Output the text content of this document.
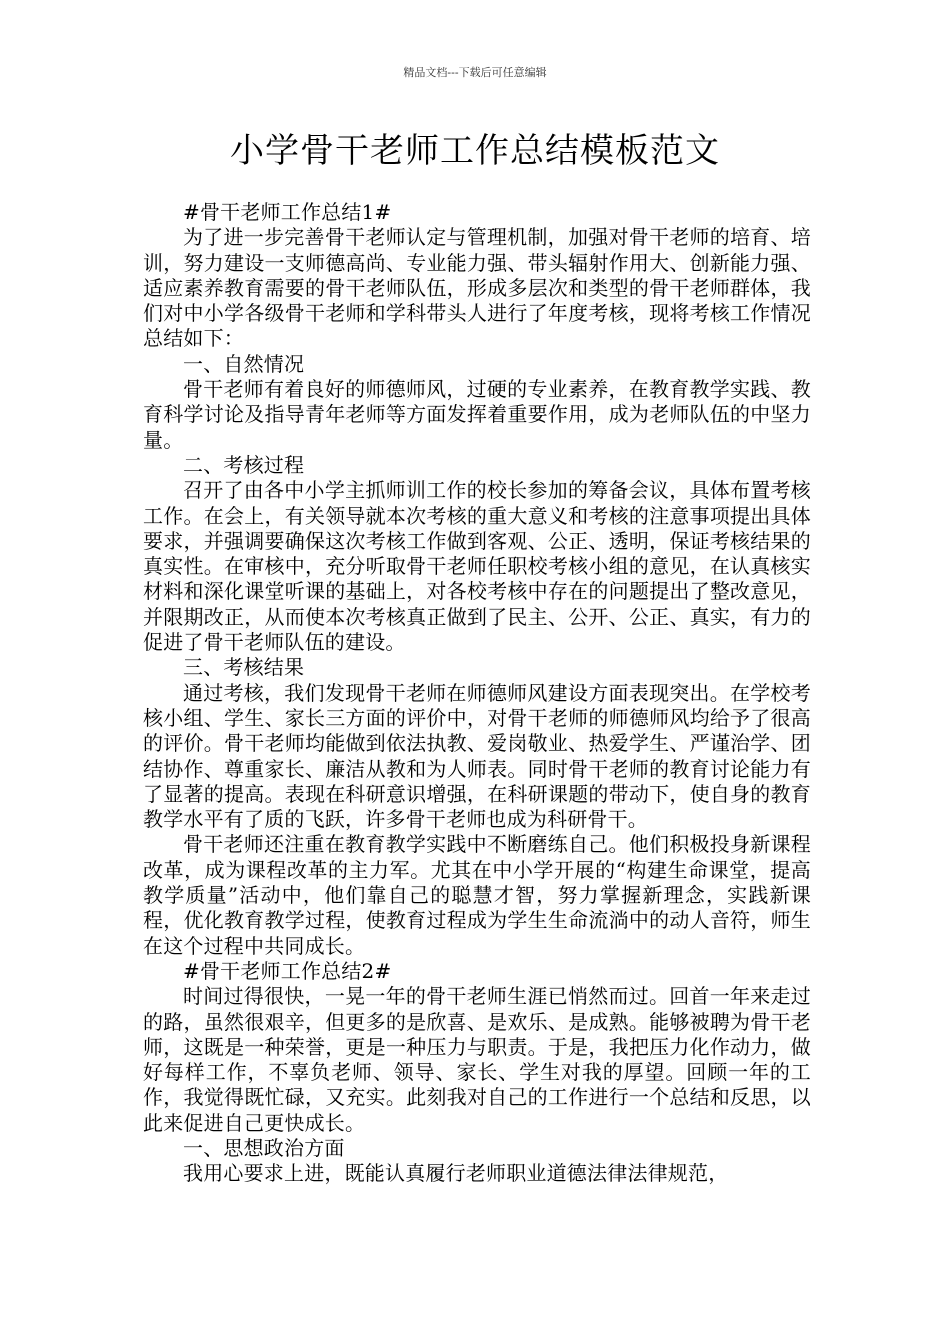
精品文档---下载后可任意编辑
小学骨干老师工作总结模板范文

#骨干老师工作总结1#

为了进一步完善骨干老师认定与管理机制，加强对骨干老师的培育、培训，努力建设一支师德高尚、专业能力强、带头辐射作用大、创新能力强、适应素养教育需要的骨干老师队伍，形成多层次和类型的骨干老师群体，我们对中小学各级骨干老师和学科带头人进行了年度考核，现将考核工作情况总结如下：

一、自然情况

骨干老师有着良好的师德师风，过硬的专业素养，在教育教学实践、教育科学讨论及指导青年老师等方面发挥着重要作用，成为老师队伍的中坚力量。

二、考核过程

召开了由各中小学主抓师训工作的校长参加的筹备会议，具体布置考核工作。在会上，有关领导就本次考核的重大意义和考核的注意事项提出具体要求，并强调要确保这次考核工作做到客观、公正、透明，保证考核结果的真实性。在审核中，充分听取骨干老师任职校考核小组的意见，在认真核实材料和深化课堂听课的基础上，对各校考核中存在的问题提出了整改意见，并限期改正，从而使本次考核真正做到了民主、公开、公正、真实，有力的促进了骨干老师队伍的建设。

三、考核结果

通过考核，我们发现骨干老师在师德师风建设方面表现突出。在学校考核小组、学生、家长三方面的评价中，对骨干老师的师德师风均给予了很高的评价。骨干老师均能做到依法执教、爱岗敬业、热爱学生、严谨治学、团结协作、尊重家长、廉洁从教和为人师表。同时骨干老师的教育讨论能力有了显著的提高。表现在科研意识增强，在科研课题的带动下，使自身的教育教学水平有了质的飞跃，许多骨干老师也成为科研骨干。

骨干老师还注重在教育教学实践中不断磨练自己。他们积极投身新课程改革，成为课程改革的主力军。尤其在中小学开展的“构建生命课堂，提高教学质量”活动中，他们靠自己的聪慧才智，努力掌握新理念，实践新课程，优化教育教学过程，使教育过程成为学生生命流淌中的动人音符，师生在这个过程中共同成长。

#骨干老师工作总结2#

时间过得很快，一晃一年的骨干老师生涯已悄然而过。回首一年来走过的路，虽然很艰辛，但更多的是欣喜、是欢乐、是成熟。能够被聘为骨干老师，这既是一种荣誉，更是一种压力与职责。于是，我把压力化作动力，做好每样工作，不辜负老师、领导、家长、学生对我的厚望。回顾一年的工作，我觉得既忙碌，又充实。此刻我对自己的工作进行一个总结和反思，以此来促进自己更快成长。

一、思想政治方面

我用心要求上进，既能认真履行老师职业道德法律法律规范，
